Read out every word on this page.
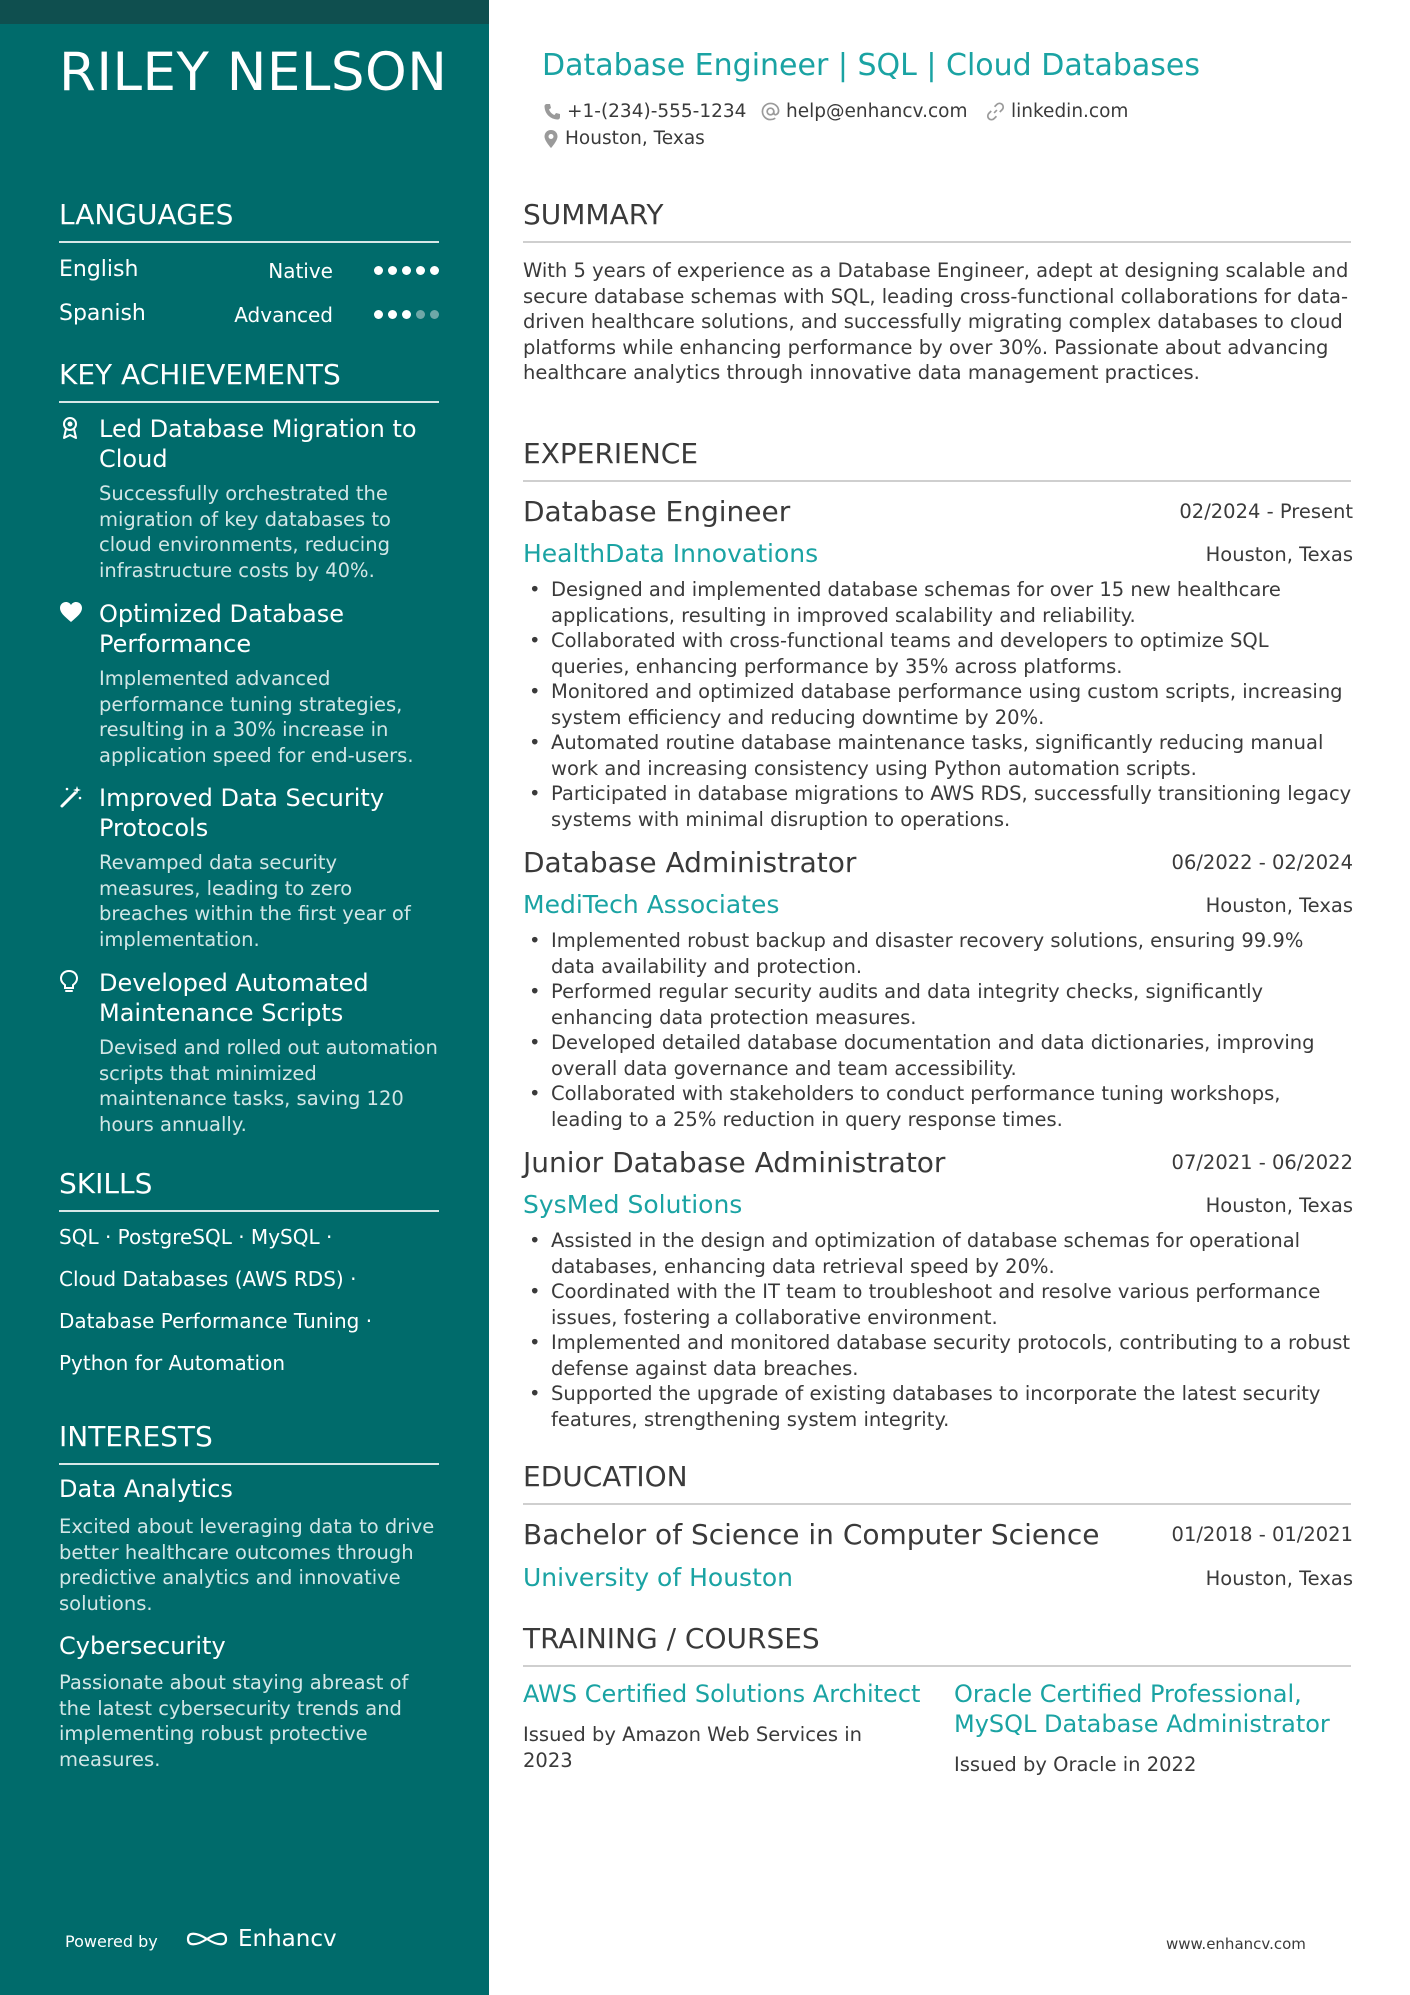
RILEY NELSON
LANGUAGES
English	Native
Spanish	Advanced
KEY ACHIEVEMENTS
Led Database Migration to Cloud
Successfully orchestrated the migration of key databases to cloud environments, reducing infrastructure costs by 40%.
Optimized Database Performance
Implemented advanced performance tuning strategies, resulting in a 30% increase in application speed for end-users.
Improved Data Security Protocols
Revamped data security measures, leading to zero breaches within the first year of implementation.
Developed Automated Maintenance Scripts
Devised and rolled out automation scripts that minimized maintenance tasks, saving 120 hours annually.
SKILLS
SQL · PostgreSQL · MySQL ·
Cloud Databases (AWS RDS) ·
Database Performance Tuning ·
Python for Automation
INTERESTS
Data Analytics
Excited about leveraging data to drive better healthcare outcomes through predictive analytics and innovative solutions.
Cybersecurity
Passionate about staying abreast of the latest cybersecurity trends and implementing robust protective measures.
Powered by	Enhancv
Database Engineer | SQL | Cloud Databases
+1-(234)-555-1234 help@enhancv.com linkedin.com
Houston, Texas
SUMMARY
With 5 years of experience as a Database Engineer, adept at designing scalable and secure database schemas with SQL, leading cross-functional collaborations for data-driven healthcare solutions, and successfully migrating complex databases to cloud platforms while enhancing performance by over 30%. Passionate about advancing healthcare analytics through innovative data management practices.
EXPERIENCE
Database Engineer	02/2024 - Present
HealthData Innovations	Houston, Texas
• Designed and implemented database schemas for over 15 new healthcare applications, resulting in improved scalability and reliability.
• Collaborated with cross-functional teams and developers to optimize SQL queries, enhancing performance by 35% across platforms.
• Monitored and optimized database performance using custom scripts, increasing system efficiency and reducing downtime by 20%.
• Automated routine database maintenance tasks, significantly reducing manual work and increasing consistency using Python automation scripts.
• Participated in database migrations to AWS RDS, successfully transitioning legacy systems with minimal disruption to operations.
Database Administrator	06/2022 - 02/2024
MediTech Associates	Houston, Texas
• Implemented robust backup and disaster recovery solutions, ensuring 99.9% data availability and protection.
• Performed regular security audits and data integrity checks, significantly enhancing data protection measures.
• Developed detailed database documentation and data dictionaries, improving overall data governance and team accessibility.
• Collaborated with stakeholders to conduct performance tuning workshops, leading to a 25% reduction in query response times.
Junior Database Administrator	07/2021 - 06/2022
SysMed Solutions	Houston, Texas
• Assisted in the design and optimization of database schemas for operational databases, enhancing data retrieval speed by 20%.
• Coordinated with the IT team to troubleshoot and resolve various performance issues, fostering a collaborative environment.
• Implemented and monitored database security protocols, contributing to a robust defense against data breaches.
• Supported the upgrade of existing databases to incorporate the latest security features, strengthening system integrity.
EDUCATION
Bachelor of Science in Computer Science	01/2018 - 01/2021
University of Houston	Houston, Texas
TRAINING / COURSES
AWS Certified Solutions Architect
Issued by Amazon Web Services in 2023
Oracle Certified Professional, MySQL Database Administrator
Issued by Oracle in 2022
www.enhancv.com
